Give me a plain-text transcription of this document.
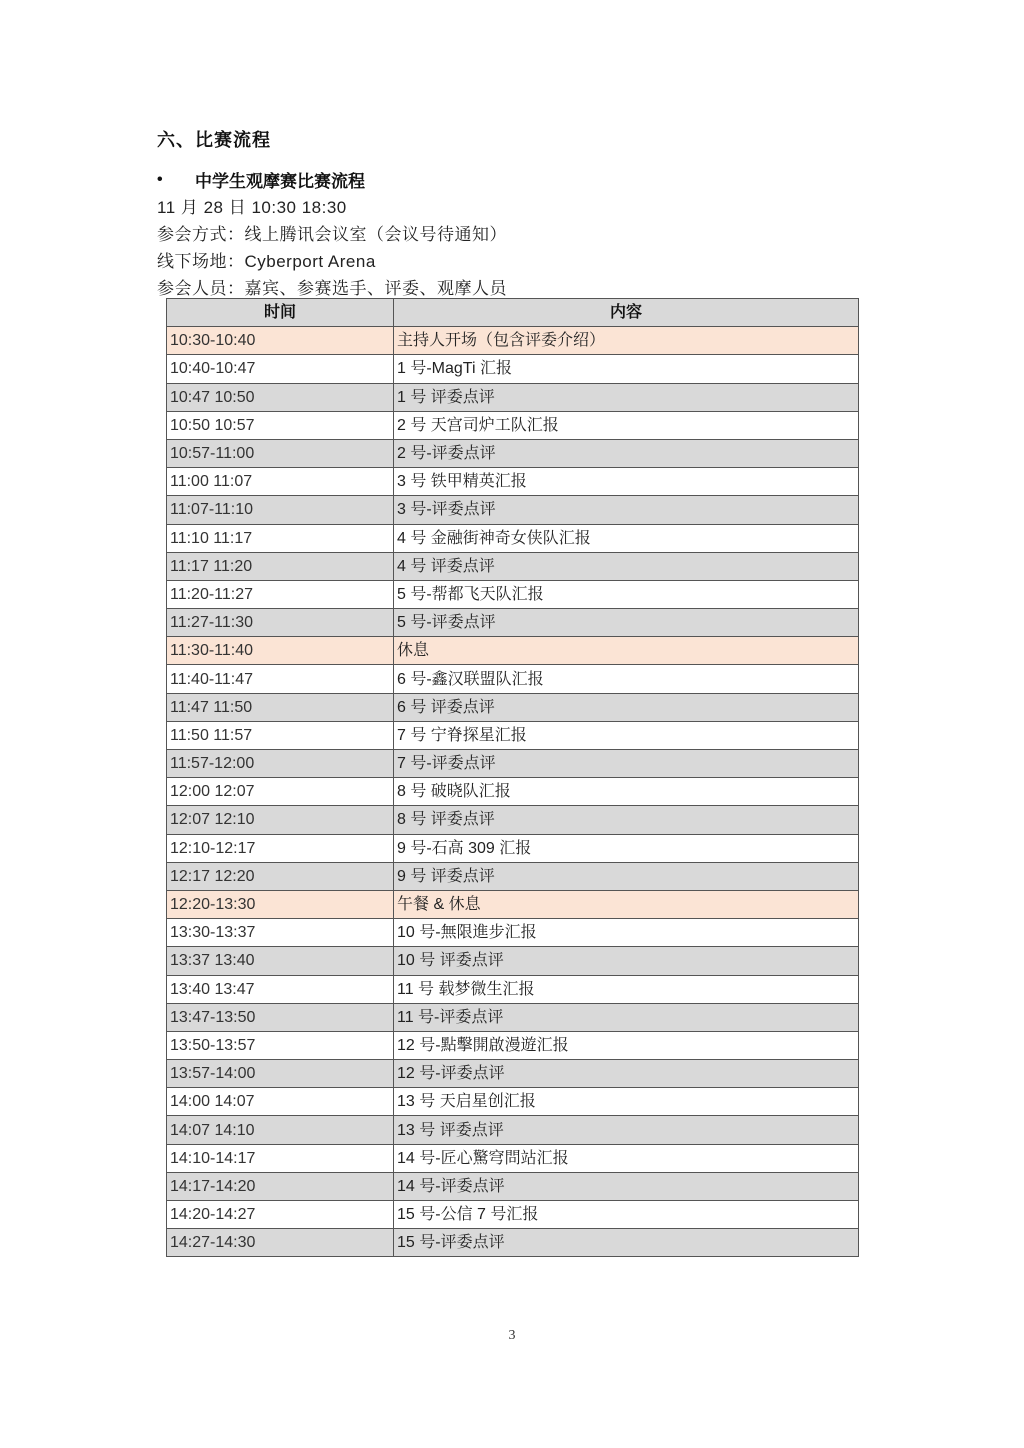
六、比赛流程
•	中学生观摩赛比赛流程
11 月 28 日 10:30 18:30
参会方式：线上腾讯会议室（会议号待通知）
线下场地：Cyberport Arena
参会人员：嘉宾、参赛选手、评委、观摩人员
时间	内容
10:30-10:40	主持人开场（包含评委介绍）
10:40-10:47	1 号-MagTi 汇报
10:47 10:50	1 号 评委点评
10:50 10:57	2 号 天宫司炉工队汇报
10:57-11:00	2 号-评委点评
11:00 11:07	3 号 铁甲精英汇报
11:07-11:10	3 号-评委点评
11:10 11:17	4 号 金融街神奇女侠队汇报
11:17 11:20	4 号 评委点评
11:20-11:27	5 号-帮都飞天队汇报
11:27-11:30	5 号-评委点评
11:30-11:40	休息
11:40-11:47	6 号-鑫汉联盟队汇报
11:47 11:50	6 号 评委点评
11:50 11:57	7 号 宁脊探星汇报
11:57-12:00	7 号-评委点评
12:00 12:07	8 号 破晓队汇报
12:07 12:10	8 号 评委点评
12:10-12:17	9 号-石高 309 汇报
12:17 12:20	9 号 评委点评
12:20-13:30	午餐 & 休息
13:30-13:37	10 号-無限進步汇报
13:37 13:40	10 号 评委点评
13:40 13:47	11 号 载梦微生汇报
13:47-13:50	11 号-评委点评
13:50-13:57	12 号-點擊開啟漫遊汇报
13:57-14:00	12 号-评委点评
14:00 14:07	13 号 天启星创汇报
14:07 14:10	13 号 评委点评
14:10-14:17	14 号-匠心驚穹問站汇报
14:17-14:20	14 号-评委点评
14:20-14:27	15 号-公信 7 号汇报
14:27-14:30	15 号-评委点评
3
